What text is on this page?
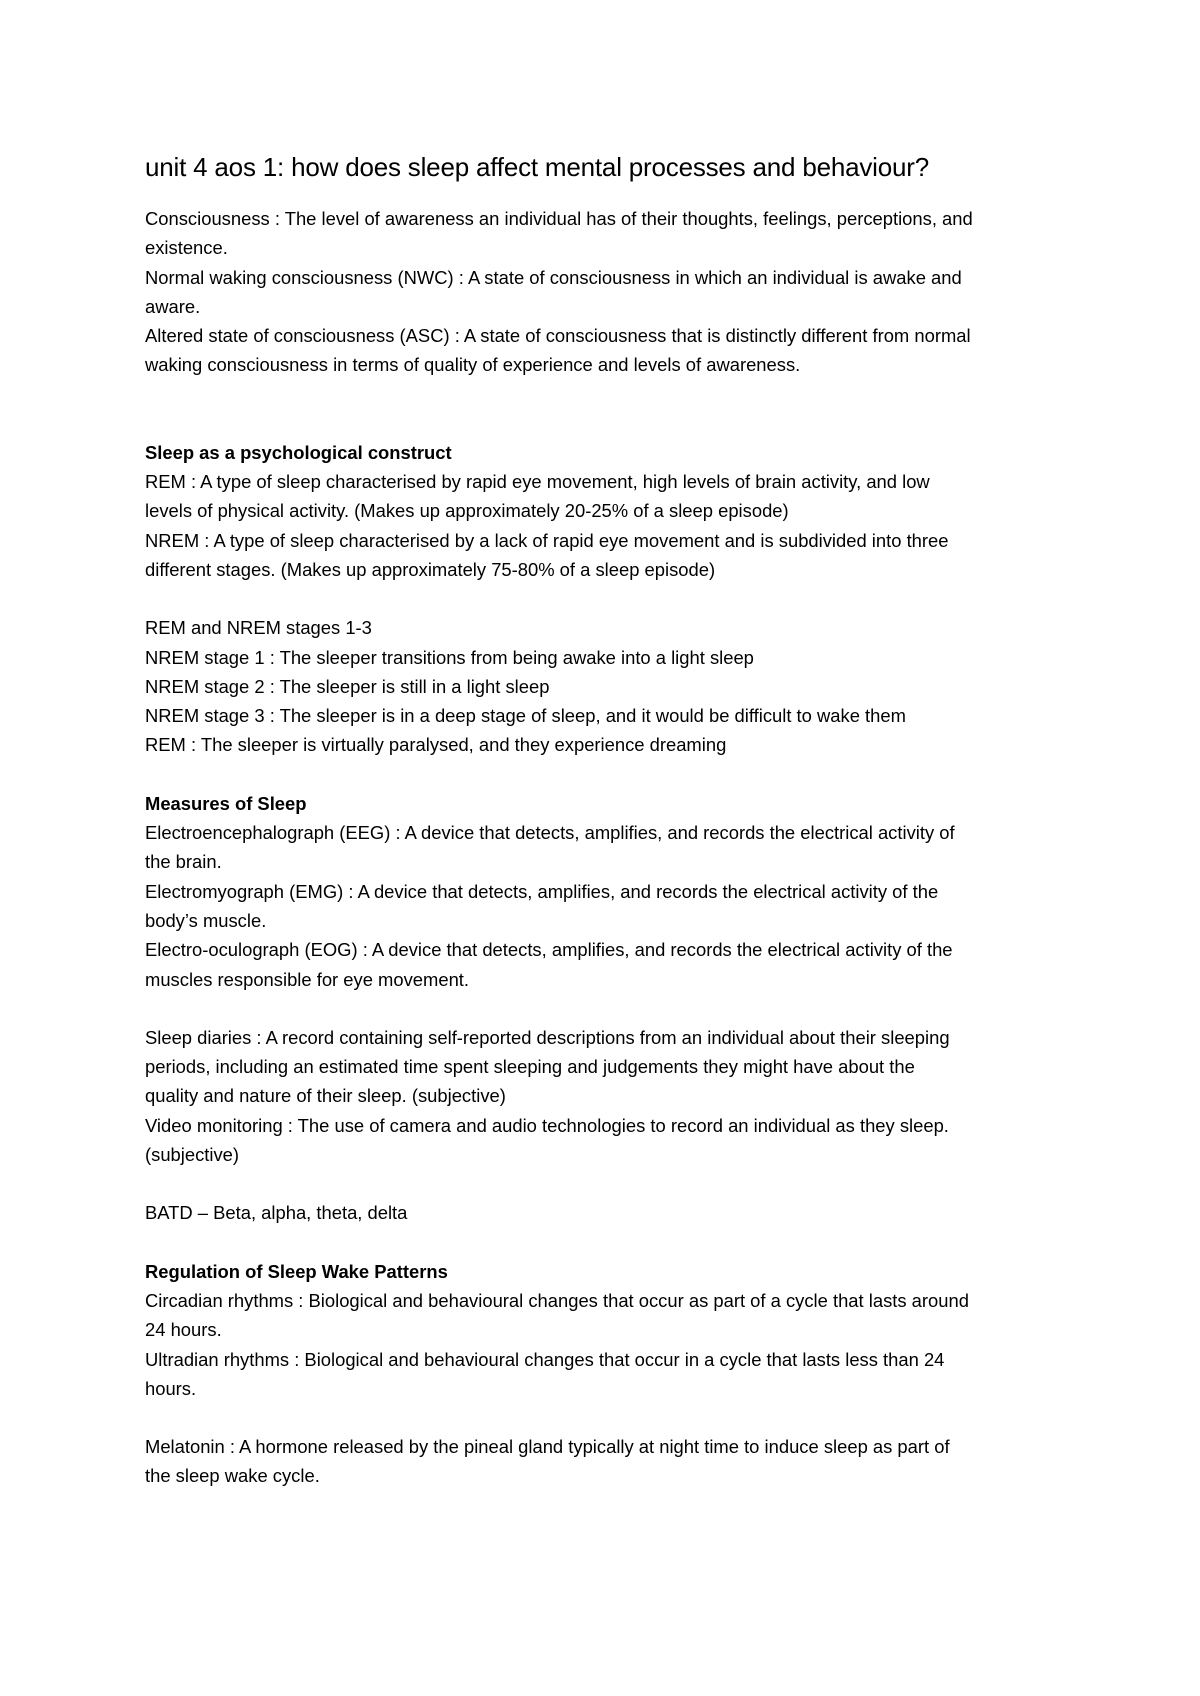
unit 4 aos 1: how does sleep affect mental processes and behaviour?

Consciousness : The level of awareness an individual has of their thoughts, feelings, perceptions, and

existence.

Normal waking consciousness (NWC) : A state of consciousness in which an individual is awake and

aware.

Altered state of consciousness (ASC) : A state of consciousness that is distinctly different from normal

waking consciousness in terms of quality of experience and levels of awareness.

Sleep as a psychological construct

REM : A type of sleep characterised by rapid eye movement, high levels of brain activity, and low

levels of physical activity. (Makes up approximately 20-25% of a sleep episode)

NREM : A type of sleep characterised by a lack of rapid eye movement and is subdivided into three

different stages. (Makes up approximately 75-80% of a sleep episode)

REM and NREM stages 1-3

NREM stage 1 : The sleeper transitions from being awake into a light sleep

NREM stage 2 : The sleeper is still in a light sleep

NREM stage 3 : The sleeper is in a deep stage of sleep, and it would be difficult to wake them

REM : The sleeper is virtually paralysed, and they experience dreaming

Measures of Sleep

Electroencephalograph (EEG) : A device that detects, amplifies, and records the electrical activity of

the brain.

Electromyograph (EMG) : A device that detects, amplifies, and records the electrical activity of the

body’s muscle.

Electro-oculograph (EOG) : A device that detects, amplifies, and records the electrical activity of the

muscles responsible for eye movement.

Sleep diaries : A record containing self-reported descriptions from an individual about their sleeping

periods, including an estimated time spent sleeping and judgements they might have about the

quality and nature of their sleep. (subjective)

Video monitoring : The use of camera and audio technologies to record an individual as they sleep.

(subjective)

BATD – Beta, alpha, theta, delta

Regulation of Sleep Wake Patterns

Circadian rhythms : Biological and behavioural changes that occur as part of a cycle that lasts around

24 hours.

Ultradian rhythms : Biological and behavioural changes that occur in a cycle that lasts less than 24

hours.

Melatonin : A hormone released by the pineal gland typically at night time to induce sleep as part of

the sleep wake cycle.
